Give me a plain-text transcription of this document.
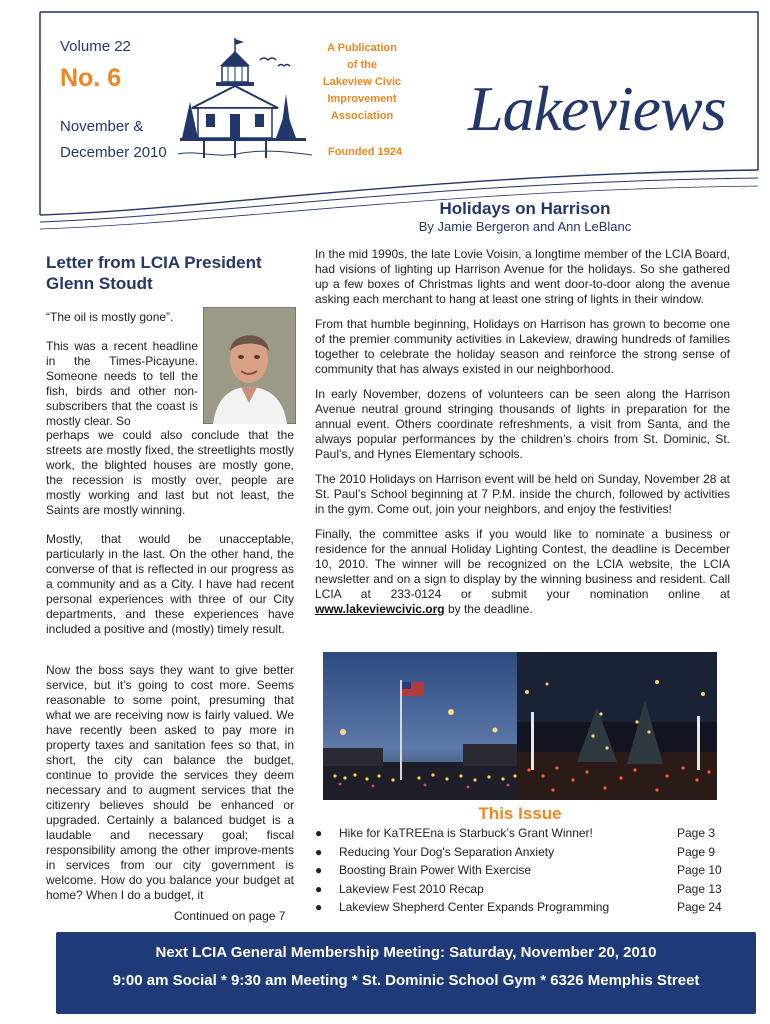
Volume 22
No. 6
November &
December 2010
A Publication
of the
Lakeview Civic
Improvement
Association
Founded 1924
Lakeviews
Holidays on Harrison
By Jamie Bergeron and Ann LeBlanc

In the mid 1990s, the late Lovie Voisin, a longtime member of the LCIA Board, had visions of lighting up Harrison Avenue for the holidays. So she gathered up a few boxes of Christmas lights and went door-to-door along the avenue asking each merchant to hang at least one string of lights in their window.

From that humble beginning, Holidays on Harrison has grown to become one of the premier community activities in Lakeview, drawing hundreds of families together to celebrate the holiday season and reinforce the strong sense of community that has always existed in our neighborhood.

In early November, dozens of volunteers can be seen along the Harrison Avenue neutral ground stringing thousands of lights in preparation for the annual event. Others coordinate refreshments, a visit from Santa, and the always popular performances by the children’s choirs from St. Dominic, St. Paul’s, and Hynes Elementary schools.

The 2010 Holidays on Harrison event will be held on Sunday, November 28 at St. Paul’s School beginning at 7 P.M. inside the church, followed by activities in the gym. Come out, join your neighbors, and enjoy the festivities!

Finally, the committee asks if you would like to nominate a business or residence for the annual Holiday Lighting Contest, the deadline is December 10, 2010. The winner will be recognized on the LCIA website, the LCIA newsletter and on a sign to display by the winning business and resident. Call LCIA at 233-0124 or submit your nomination online at www.lakeviewcivic.org by the deadline.

This Issue
● Hike for KaTREEna is Starbuck’s Grant Winner!	Page 3
● Reducing Your Dog's Separation Anxiety	Page 9
● Boosting Brain Power With Exercise	Page 10
● Lakeview Fest 2010 Recap	Page 13
● Lakeview Shepherd Center Expands Programming	Page 24
Letter from LCIA President Glenn Stoudt
“The oil is mostly gone”.
This was a recent headline in the Times-Picayune. Someone needs to tell the fish, birds and other non-subscribers that the coast is mostly clear. So
perhaps we could also conclude that the streets are mostly fixed, the streetlights mostly work, the blighted houses are mostly gone, the recession is mostly over, people are mostly working and last but not least, the Saints are mostly winning.
Mostly, that would be unacceptable, particularly in the last. On the other hand, the converse of that is reflected in our progress as a community and as a City. I have had recent personal experiences with three of our City departments, and these experiences have included a positive and (mostly) timely result.
Now the boss says they want to give better service, but it’s going to cost more. Seems reasonable to some point, presuming that what we are receiving now is fairly valued. We have recently been asked to pay more in property taxes and sanitation fees so that, in short, the city can balance the budget, continue to provide the services they deem necessary and to augment services that the citizenry believes should be enhanced or upgraded. Certainly a balanced budget is a laudable and necessary goal; fiscal responsibility among the other improve-ments in services from our city government is welcome. How do you balance your budget at home? When I do a budget, it
Continued on page 7
Next LCIA General Membership Meeting: Saturday, November 20, 2010
9:00 am Social * 9:30 am Meeting * St. Dominic School Gym * 6326 Memphis Street
